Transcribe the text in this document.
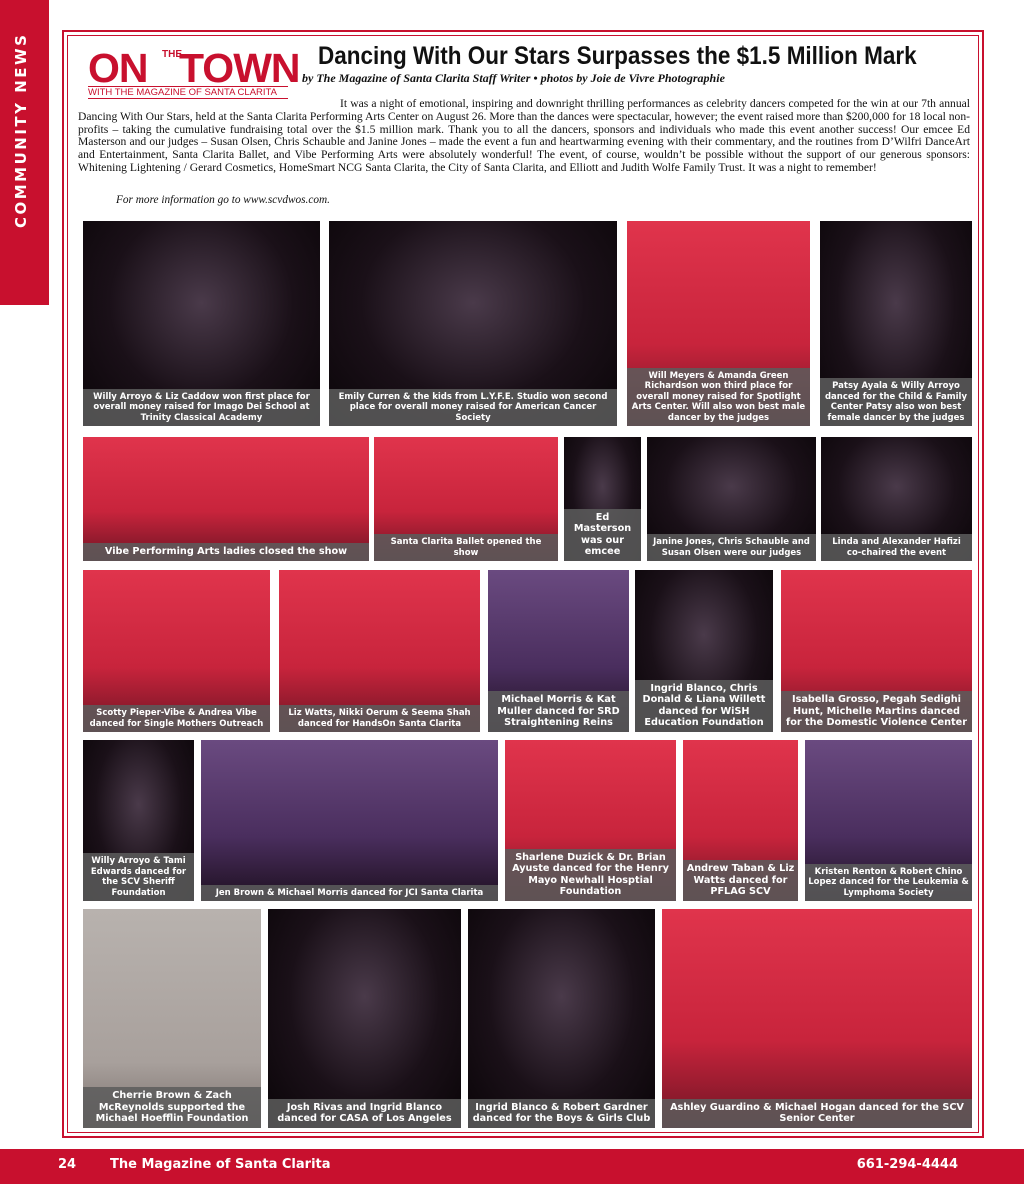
COMMUNITY NEWS ON THE
TOWN
WITH THE MAGAZINE OF SANTA CLARITA
Dancing With Our Stars Surpasses the $1.5 Million Mark
by The Magazine of Santa Clarita Staff Writer • photos by Joie de Vivre Photographie

It was a night of emotional, inspiring and downright thrilling performances as celebrity dancers competed for the win at our 7th annual Dancing With Our Stars, held at the Santa Clarita Performing Arts Center on August 26. More than the dances were spectacular, however; the event raised more than $200,000 for 18 local non-profits – taking the cumulative fundraising total over the $1.5 million mark. Thank you to all the dancers, sponsors and individuals who made this event another success! Our emcee Ed Masterson and our judges – Susan Olsen, Chris Schauble and Janine Jones – made the event a fun and heartwarming evening with their commentary, and the routines from D’Wilfri DanceArt and Entertainment, Santa Clarita Ballet, and Vibe Performing Arts were absolutely wonderful! The event, of course, wouldn’t be possible without the support of our generous sponsors: Whitening Lightening / Gerard Cosmetics, HomeSmart NCG Santa Clarita, the City of Santa Clarita, and Elliott and Judith Wolfe Family Trust. It was a night to remember!

For more information go to www.scvdwos.com.
Willy Arroyo & Liz Caddow won first place for overall money raised for Imago Dei School at Trinity Classical Academy
Emily Curren & the kids from L.Y.F.E. Studio won second place for overall money raised for American Cancer Society
Will Meyers & Amanda Green Richardson won third place for overall money raised for Spotlight Arts Center. Will also won best male dancer by the judges
Patsy Ayala & Willy Arroyo danced for the Child & Family Center Patsy also won best female dancer by the judges
Vibe Performing Arts ladies closed the show
Santa Clarita Ballet opened the show
Ed Masterson was our emcee
Janine Jones, Chris Schauble and Susan Olsen were our judges
Linda and Alexander Hafizi co-chaired the event
Scotty Pieper-Vibe & Andrea Vibe danced for Single Mothers Outreach
Liz Watts, Nikki Oerum & Seema Shah danced for HandsOn Santa Clarita
Michael Morris & Kat Muller danced for SRD Straightening Reins
Ingrid Blanco, Chris Donald & Liana Willett danced for WiSH Education Foundation
Isabella Grosso, Pegah Sedighi Hunt, Michelle Martins danced for the Domestic Violence Center
Willy Arroyo & Tami Edwards danced for the SCV Sheriff Foundation	Jen Brown & Michael Morris danced for JCI Santa Clarita
Sharlene Duzick & Dr. Brian Ayuste danced for the Henry Mayo Newhall Hosptial Foundation
Andrew Taban & Liz Watts danced for PFLAG SCV
Kristen Renton & Robert Chino Lopez danced for the Leukemia & Lymphoma Society
Cherrie Brown & Zach McReynolds supported the Michael Hoefflin Foundation
Josh Rivas and Ingrid Blanco danced for CASA of Los Angeles
Ingrid Blanco & Robert Gardner danced for the Boys & Girls Club
Ashley Guardino & Michael Hogan danced for the SCV Senior Center
24	The Magazine of Santa Clarita	661-294-4444
